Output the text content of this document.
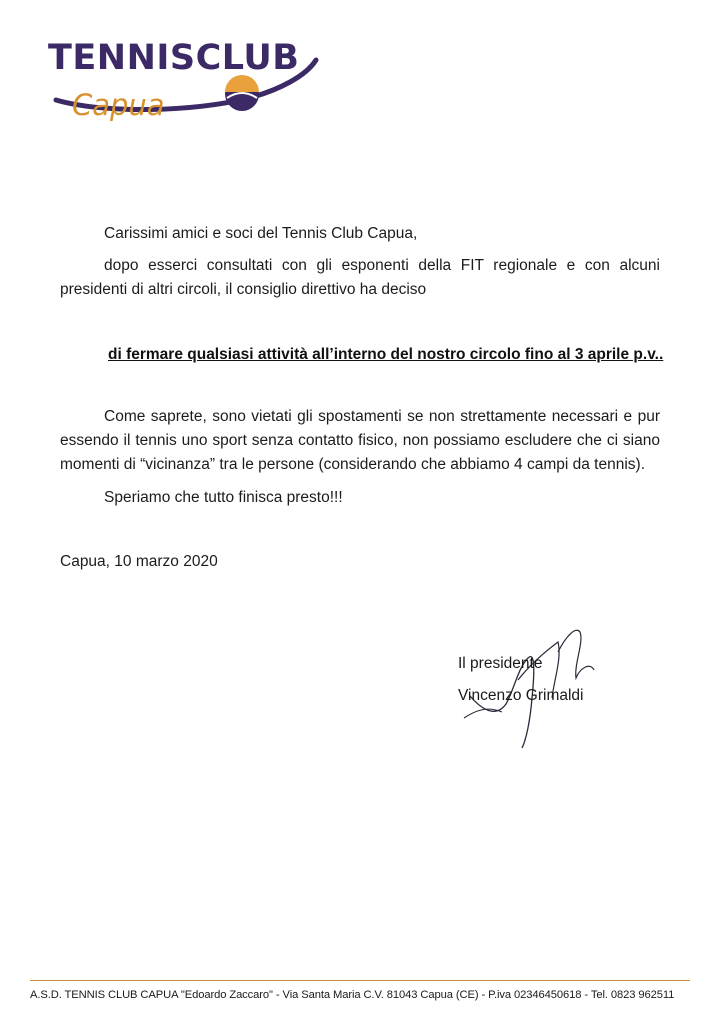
TENNISCLUB
Capua
Carissimi amici e soci del Tennis Club Capua,
dopo esserci consultati con gli esponenti della FIT regionale e con alcuni
presidenti di altri circoli, il consiglio direttivo ha deciso
di fermare qualsiasi attività all’interno del nostro circolo fino al 3 aprile p.v..
Come saprete, sono vietati gli spostamenti se non strettamente necessari e pur
essendo il tennis uno sport senza contatto fisico, non possiamo escludere che ci siano
momenti di “vicinanza” tra le persone (considerando che abbiamo 4 campi da tennis).
Speriamo che tutto finisca presto!!!
Capua, 10 marzo 2020
Il presidente
Vincenzo Grimaldi
A.S.D. TENNIS CLUB CAPUA "Edoardo Zaccaro" - Via Santa Maria C.V. 81043 Capua (CE) - P.iva 02346450618 - Tel. 0823 962511
